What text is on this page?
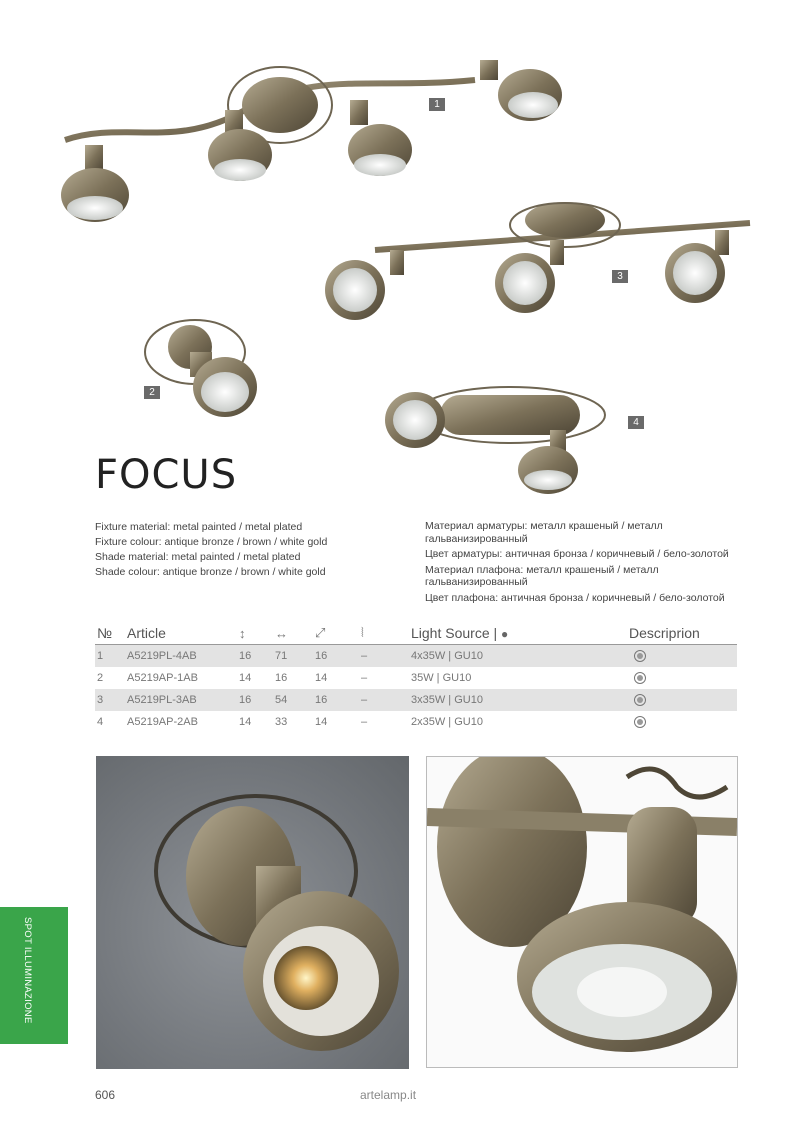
1
3
2
4
FOCUS
Fixture material: metal painted / metal plated
Fixture colour: antique bronze / brown / white gold
Shade material: metal painted / metal plated
Shade colour: antique bronze / brown / white gold
Материал арматуры: металл крашеный / металл гальванизированный
Цвет арматуры: античная бронза / коричневый / бело-золотой
Материал плафона: металл крашеный / металл гальванизированный
Цвет плафона: античная бронза / коричневый / бело-золотой
№	Article	↕	↔	⤢	⦚	Light Source | ●	Descriprion
1	A5219PL-4AB	16	71	16	–	4x35W | GU10	
2	A5219AP-1AB	14	16	14	–	35W | GU10	
3	A5219PL-3AB	16	54	16	–	3x35W | GU10	
4	A5219AP-2AB	14	33	14	–	2x35W | GU10	
SPOT ILLUMINAZIONE
606	artelamp.it
